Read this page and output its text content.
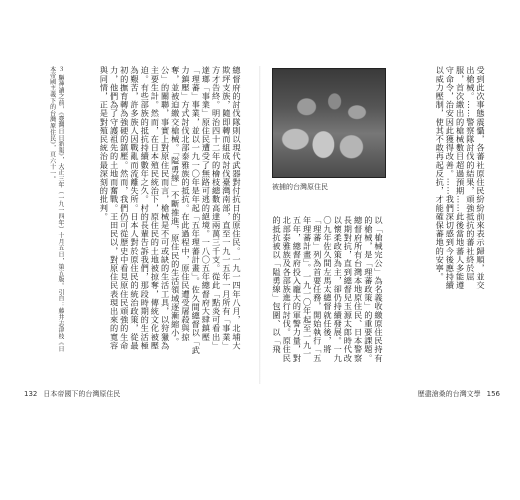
總督府的討伐隊則以現代武器對付抗日的原住民。一九一四年八月，北埔大欺坪支族，隨即轉而組成討伐臺灣南部，直至一九一五年一月所有「事業」方才告終。明治四十二年的檜枝總數高達兩萬三千支。從此「點炎可看出」達瑯「事業」原住民遭受了無路可逃的絕境。一八〇五年總督府大肆鎮壓「理蕃」事業，並以一九一〇年是年起「五年理蕃計畫」。佐久間總督以「武力鎮壓」方式討伐北部泰雅族的抵抗。在此過程中，原住民遭受屠殺與掠奪，並被迫繳交槍械。「隘勇線」不斷推進，原住民的生活領域逐漸縮小。公」的關聯，事實上對原住民而言，槍械是不可或缺的生活工具，以狩獵為主要生計。然而，在日本殖民統治下，原住民的土地被掠奪，傳統文化被壓迫。有些部族的抵抗持續數年之久。村的長輩告訴我們，那段時期的生活極為艱苦，許多族人因戰亂而流離失所。日本人對於原住民的統治政策，從最初的撫育轉為強硬的鎮壓。然而，我們仍可從歷史中看見原住民頑強的生命力，他們為了守護祖先的土地而奮戰。王田民以，對原住民表現出來的寬容與同情，正是對殖民統治最深刻的批判。
３ 驅神讀之前，《臺灣日日新報》，大正三年（一九一四年）十月五日，第五版。引自：藤井志津枝《日本帝國主義下的台灣原住民》，頁六十一。	受到此次事態震懾，各蕃社原住民紛紛前來表示歸順，並交出槍械。……警察隊討伐的結果，頑強抵抗的蕃社終於屈服，首次繳出的槍械數目超過預期……此後當地蕃人多能遵守命令，治安因此獲得改善。……我們深切感到今後應持續以威力壓制，使其不敢再起反抗，才能確保蕃地的安寧。
被捕的台灣原住民
以「槍械完公」為名義收繳原住民持有的槍械，是「理蕃政策」的重要課題。總督府所有台灣本地原住民、日本警察長期對抗，直到總督兒玉源太郎時代改以懷柔政策為主，卻仍持續發展。一九〇九年佐久間左馬太總督就任後，將「理蕃」列為首要任務，開始執行「五年理蕃計畫」。一九一〇年起至一九一五年，總督府投入龐大的軍警力量，對北部泰雅族及各部族進行討伐。原住民的抵抗被以「隘勇線」包圍、以「飛
132 日本帝國下的台灣原住民	歷盡滄桑的台灣文學 156
